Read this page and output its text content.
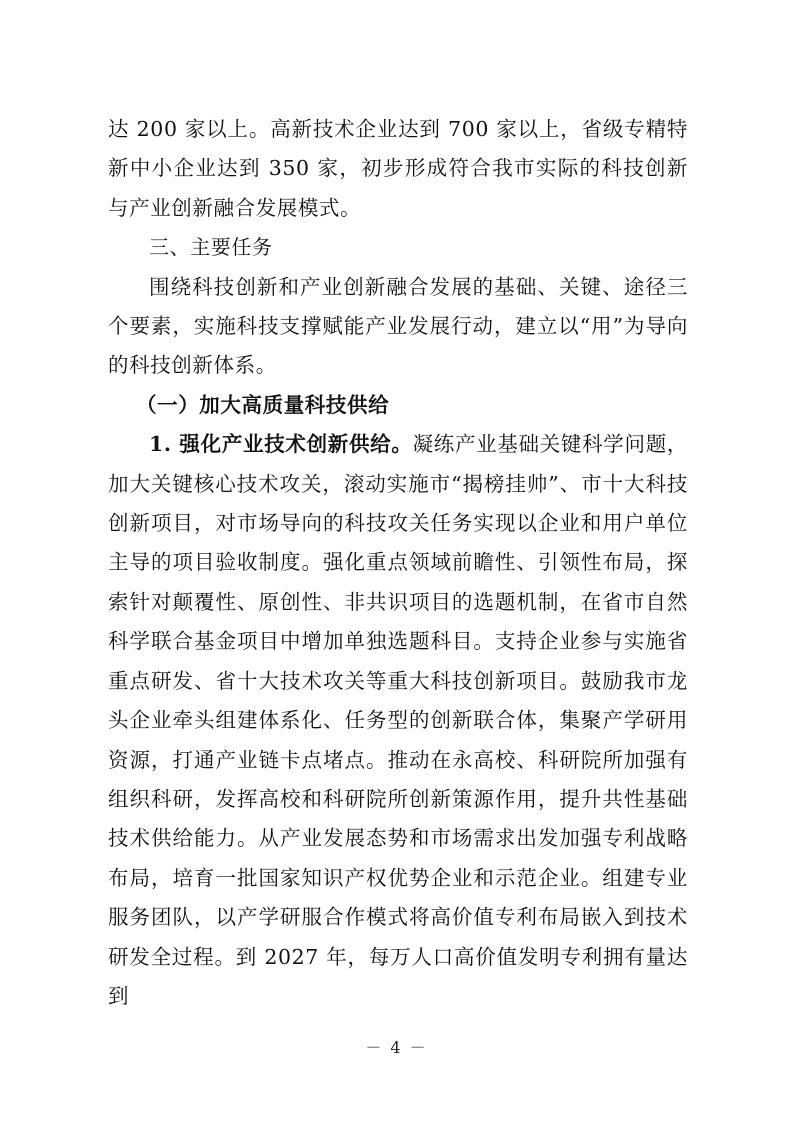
达 200 家以上。高新技术企业达到 700 家以上，省级专精特新中小企业达到 350 家，初步形成符合我市实际的科技创新与产业创新融合发展模式。

三、主要任务

围绕科技创新和产业创新融合发展的基础、关键、途径三个要素，实施科技支撑赋能产业发展行动，建立以“用”为导向的科技创新体系。

（一）加大高质量科技供给

1. 强化产业技术创新供给。凝练产业基础关键科学问题，加大关键核心技术攻关，滚动实施市“揭榜挂帅”、市十大科技创新项目，对市场导向的科技攻关任务实现以企业和用户单位主导的项目验收制度。强化重点领域前瞻性、引领性布局，探索针对颠覆性、原创性、非共识项目的选题机制，在省市自然科学联合基金项目中增加单独选题科目。支持企业参与实施省重点研发、省十大技术攻关等重大科技创新项目。鼓励我市龙头企业牵头组建体系化、任务型的创新联合体，集聚产学研用资源，打通产业链卡点堵点。推动在永高校、科研院所加强有组织科研，发挥高校和科研院所创新策源作用，提升共性基础技术供给能力。从产业发展态势和市场需求出发加强专利战略布局，培育一批国家知识产权优势企业和示范企业。组建专业服务团队，以产学研服合作模式将高价值专利布局嵌入到技术研发全过程。到 2027 年，每万人口高价值发明专利拥有量达到

－ 4 －
